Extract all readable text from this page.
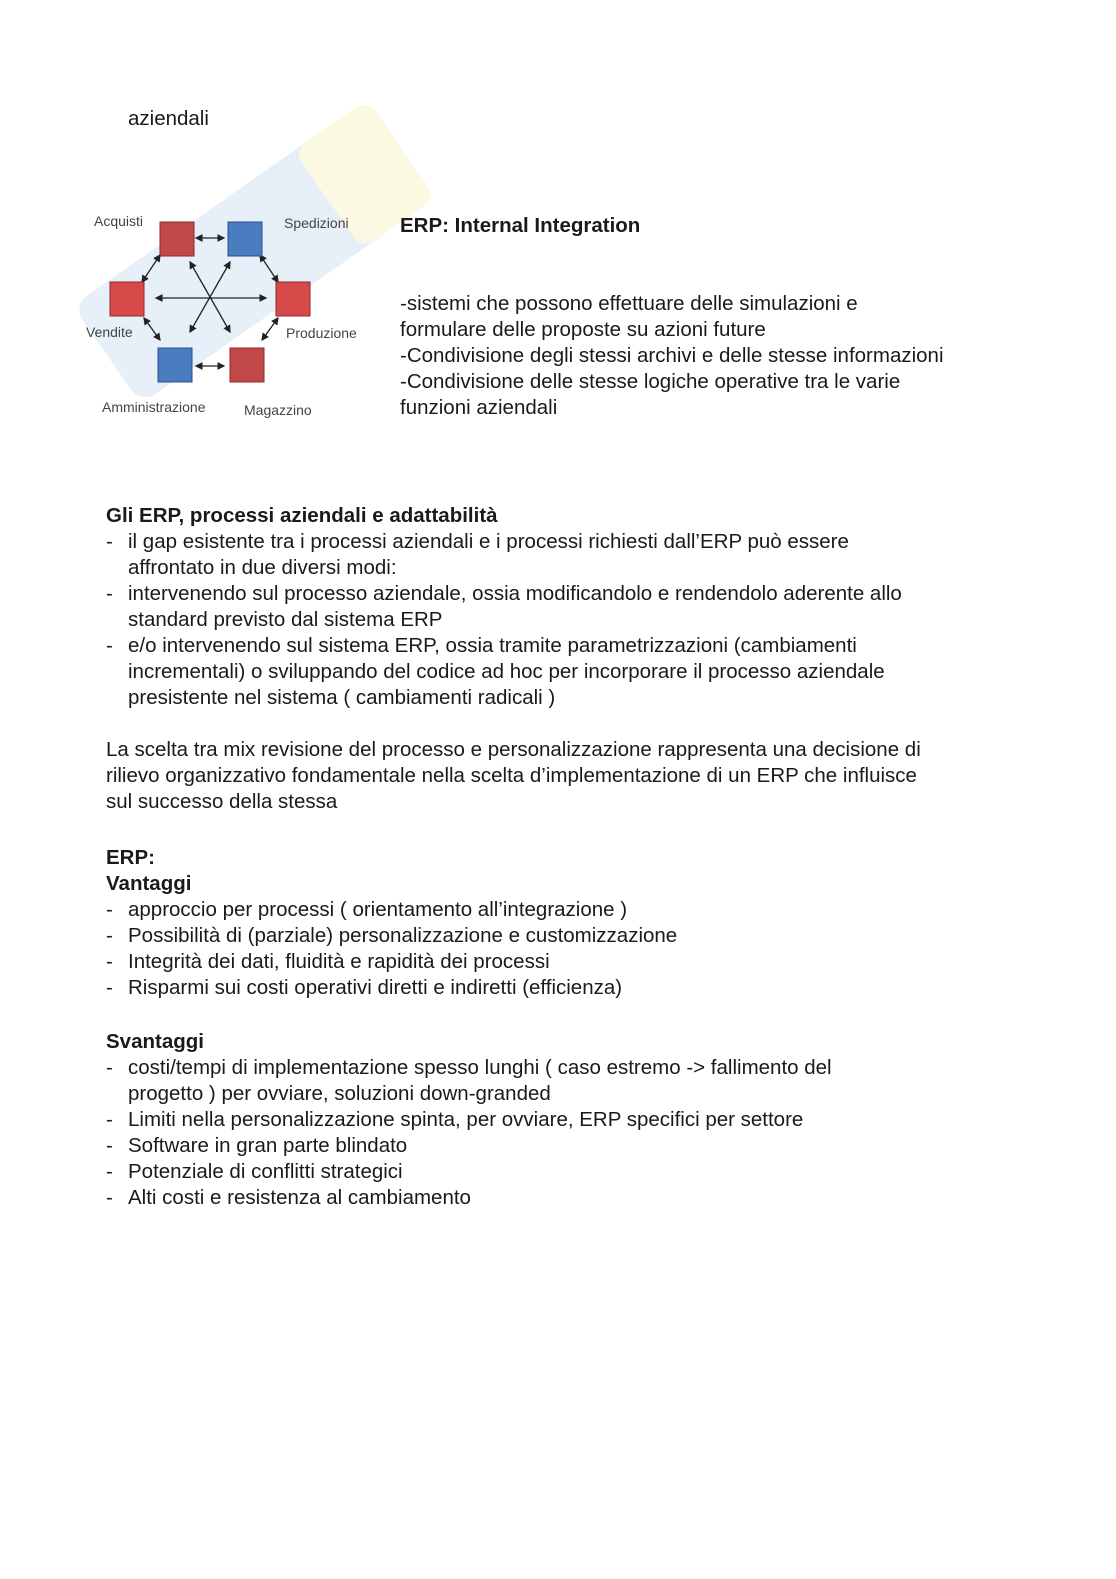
aziendali
Acquisti	Spedizioni
Vendite	Produzione
Amministrazione	Magazzino
ERP: Internal Integration
-sistemi che possono effettuare delle simulazioni e
formulare delle proposte su azioni future
-Condivisione degli stessi archivi e delle stesse informazioni
-Condivisione delle stesse logiche operative tra le varie
funzioni aziendali
Gli ERP, processi aziendali e adattabilità
- il gap esistente tra i processi aziendali e i processi richiesti dall’ERP può essere
affrontato in due diversi modi:
- intervenendo sul processo aziendale, ossia modificandolo e rendendolo aderente allo
standard previsto dal sistema ERP
- e/o intervenendo sul sistema ERP, ossia tramite parametrizzazioni (cambiamenti
incrementali) o sviluppando del codice ad hoc per incorporare il processo aziendale
presistente nel sistema ( cambiamenti radicali )
La scelta tra mix revisione del processo e personalizzazione rappresenta una decisione di
rilievo organizzativo fondamentale nella scelta d’implementazione di un ERP che influisce
sul successo della stessa
ERP:
Vantaggi
- approccio per processi ( orientamento all’integrazione )
- Possibilità di (parziale) personalizzazione e customizzazione
- Integrità dei dati, fluidità e rapidità dei processi
- Risparmi sui costi operativi diretti e indiretti (efficienza)
Svantaggi
- costi/tempi di implementazione spesso lunghi ( caso estremo -> fallimento del
progetto ) per ovviare, soluzioni down-granded
- Limiti nella personalizzazione spinta, per ovviare, ERP specifici per settore
- Software in gran parte blindato
- Potenziale di conflitti strategici
- Alti costi e resistenza al cambiamento
